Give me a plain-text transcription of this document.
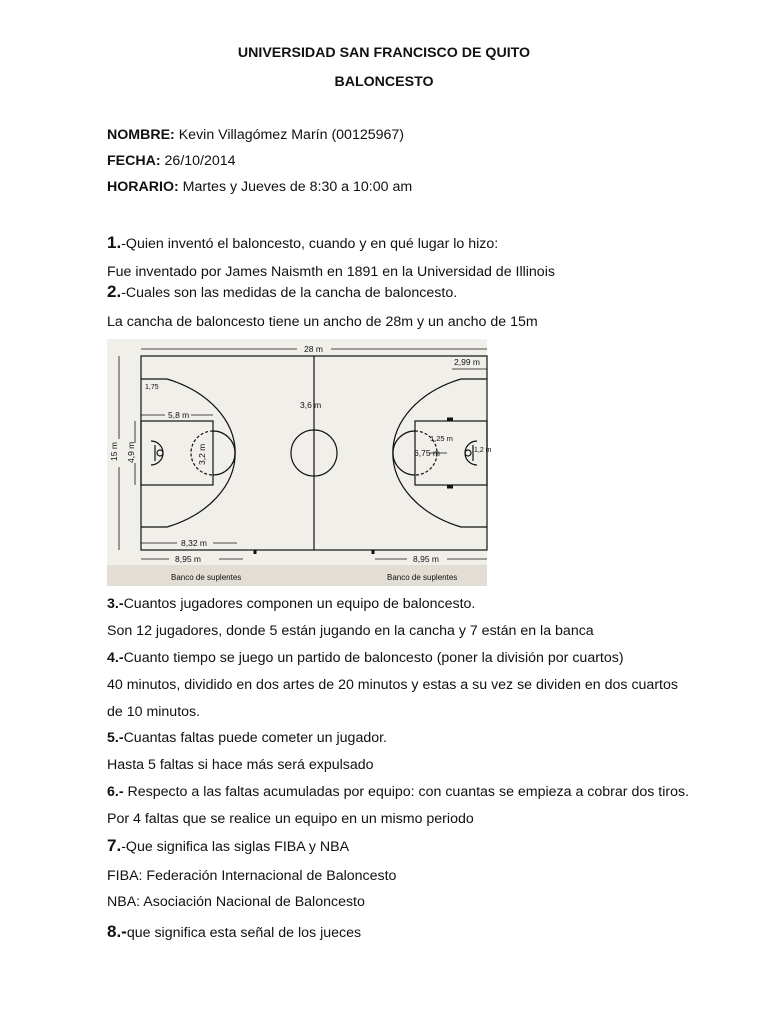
UNIVERSIDAD SAN FRANCISCO DE QUITO
BALONCESTO
NOMBRE: Kevin Villagómez Marín (00125967)
FECHA: 26/10/2014
HORARIO: Martes y Jueves de 8:30 a 10:00 am
1.-Quien inventó el baloncesto, cuando y en qué lugar lo hizo:
Fue inventado por James Naismth en 1891 en la Universidad de Illinois
2.-Cuales son las medidas de la cancha de baloncesto.
La cancha de baloncesto tiene un ancho de 28m y un ancho de 15m
28 m
1,75
5,8 m
3,6 m
2,99 m
15 m 4,9 m	3,2 m
1,25 m
6,75 m	1,2 m
8,32 m
8,95 m	8,95 m
Banco de suplentes	Banco de suplentes
3.-Cuantos jugadores componen un equipo de baloncesto.
Son 12 jugadores, donde 5 están jugando en la cancha y 7 están en la banca
4.-Cuanto tiempo se juego un partido de baloncesto (poner la división por cuartos)
40 minutos, dividido en dos artes de 20 minutos y estas a su vez se dividen en dos cuartos
de 10 minutos.
5.-Cuantas faltas puede cometer un jugador.
Hasta 5 faltas si hace más será expulsado
6.- Respecto a las faltas acumuladas por equipo: con cuantas se empieza a cobrar dos tiros.
Por 4 faltas que se realice un equipo en un mismo periodo
7.-Que significa las siglas FIBA y NBA
FIBA: Federación Internacional de Baloncesto
NBA: Asociación Nacional de Baloncesto
8.-que significa esta señal de los jueces
